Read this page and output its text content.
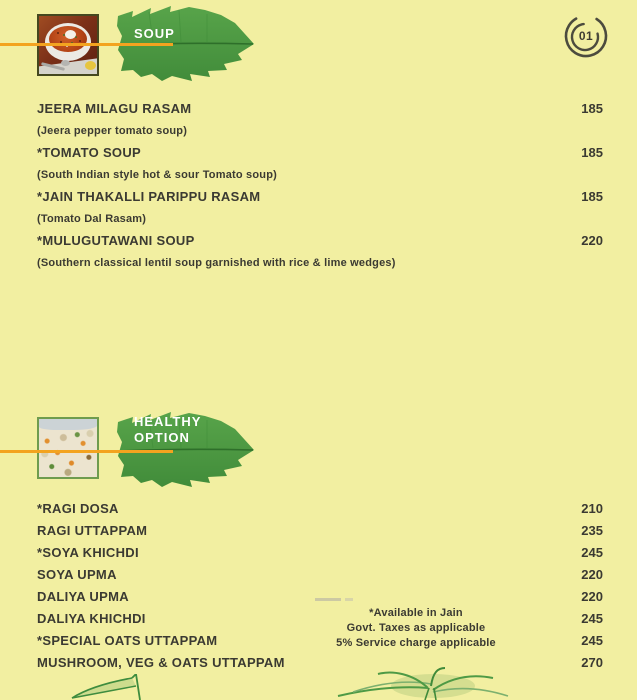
SOUP	01
JEERA MILAGU RASAM	185
(Jeera pepper tomato soup)
*TOMATO SOUP	185
(South Indian style hot & sour Tomato soup)
*JAIN THAKALLI PARIPPU RASAM	185
(Tomato Dal Rasam)
*MULUGUTAWANI SOUP	220
(Southern classical lentil soup garnished with rice & lime wedges)
HEALTHY OPTION
*RAGI DOSA	210
RAGI UTTAPPAM	235
*SOYA KHICHDI	245
SOYA UPMA	220
DALIYA UPMA	220
DALIYA KHICHDI	245
*SPECIAL OATS UTTAPPAM	245
MUSHROOM, VEG & OATS UTTAPPAM	270
*Available in Jain
Govt. Taxes as applicable
5% Service charge applicable
